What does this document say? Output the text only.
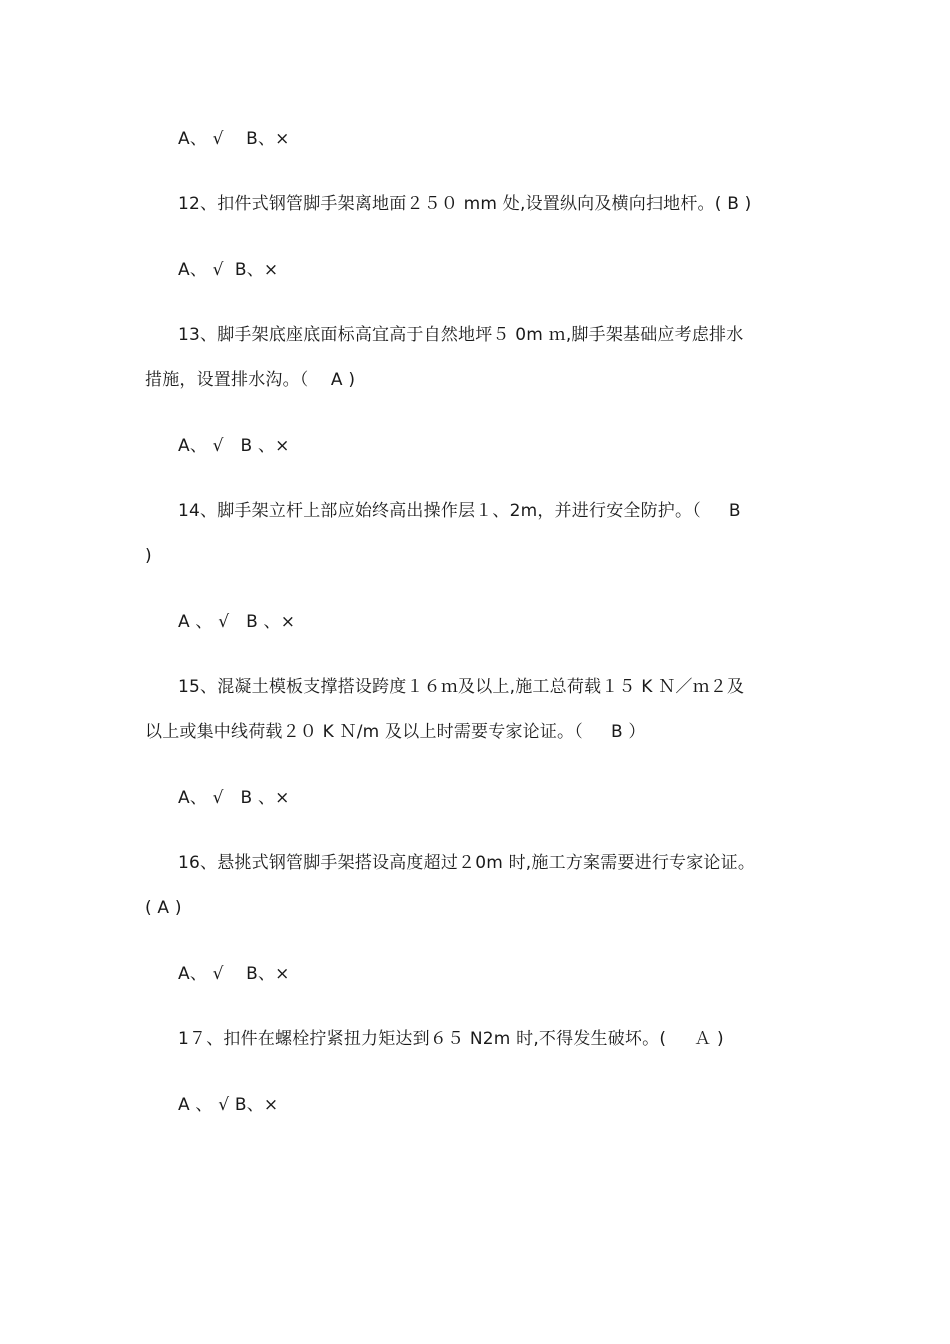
A、 √    B、×
12、扣件式钢管脚手架离地面２５０ mm 处,设置纵向及横向扫地杆。( B )
A、 √  B、×
13、脚手架底座底面标高宜高于自然地坪５ 0m ｍ,脚手架基础应考虑排水
措施，设置排水沟。（    A )
A、 √   B 、×
14、脚手架立杆上部应始终高出操作层１、2m，并进行安全防护。（     B
)
A 、 √   B 、×
15、混凝土模板支撑搭设跨度１６ｍ及以上,施工总荷载１５ K Ｎ／ｍ２及
以上或集中线荷载２０ K Ｎ/m 及以上时需要专家论证。（     B ）
A、 √   B 、×
16、悬挑式钢管脚手架搭设高度超过２0m 时,施工方案需要进行专家论证。
( A )
A、 √    B、×
1７、扣件在螺栓拧紧扭力矩达到６５ N2m 时,不得发生破坏。(     Ａ )
A 、 √ B、×
